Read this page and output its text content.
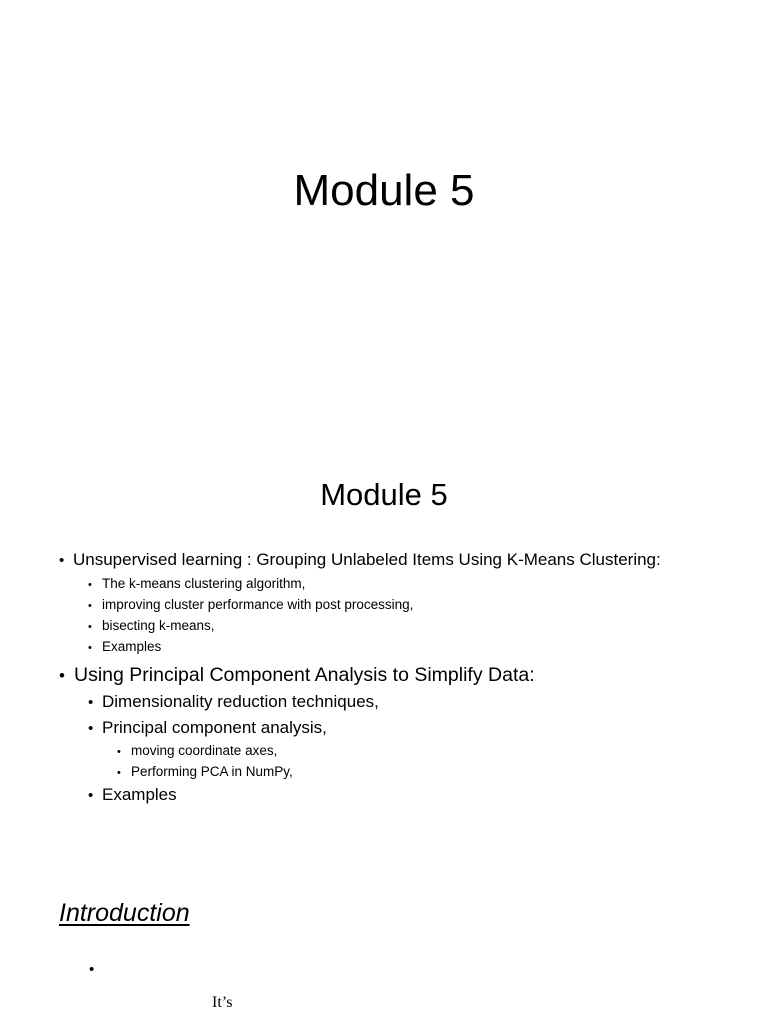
Module 5
Module 5
• Unsupervised learning : Grouping Unlabeled Items Using K-Means Clustering:
• The k-means clustering algorithm,
• improving cluster performance with post processing,
• bisecting k-means,
• Examples
• Using Principal Component Analysis to Simplify Data:
• Dimensionality reduction techniques,
• Principal component analysis,
• moving coordinate axes,
• Performing PCA in NumPy,
• Examples
Introduction
•
It’s
